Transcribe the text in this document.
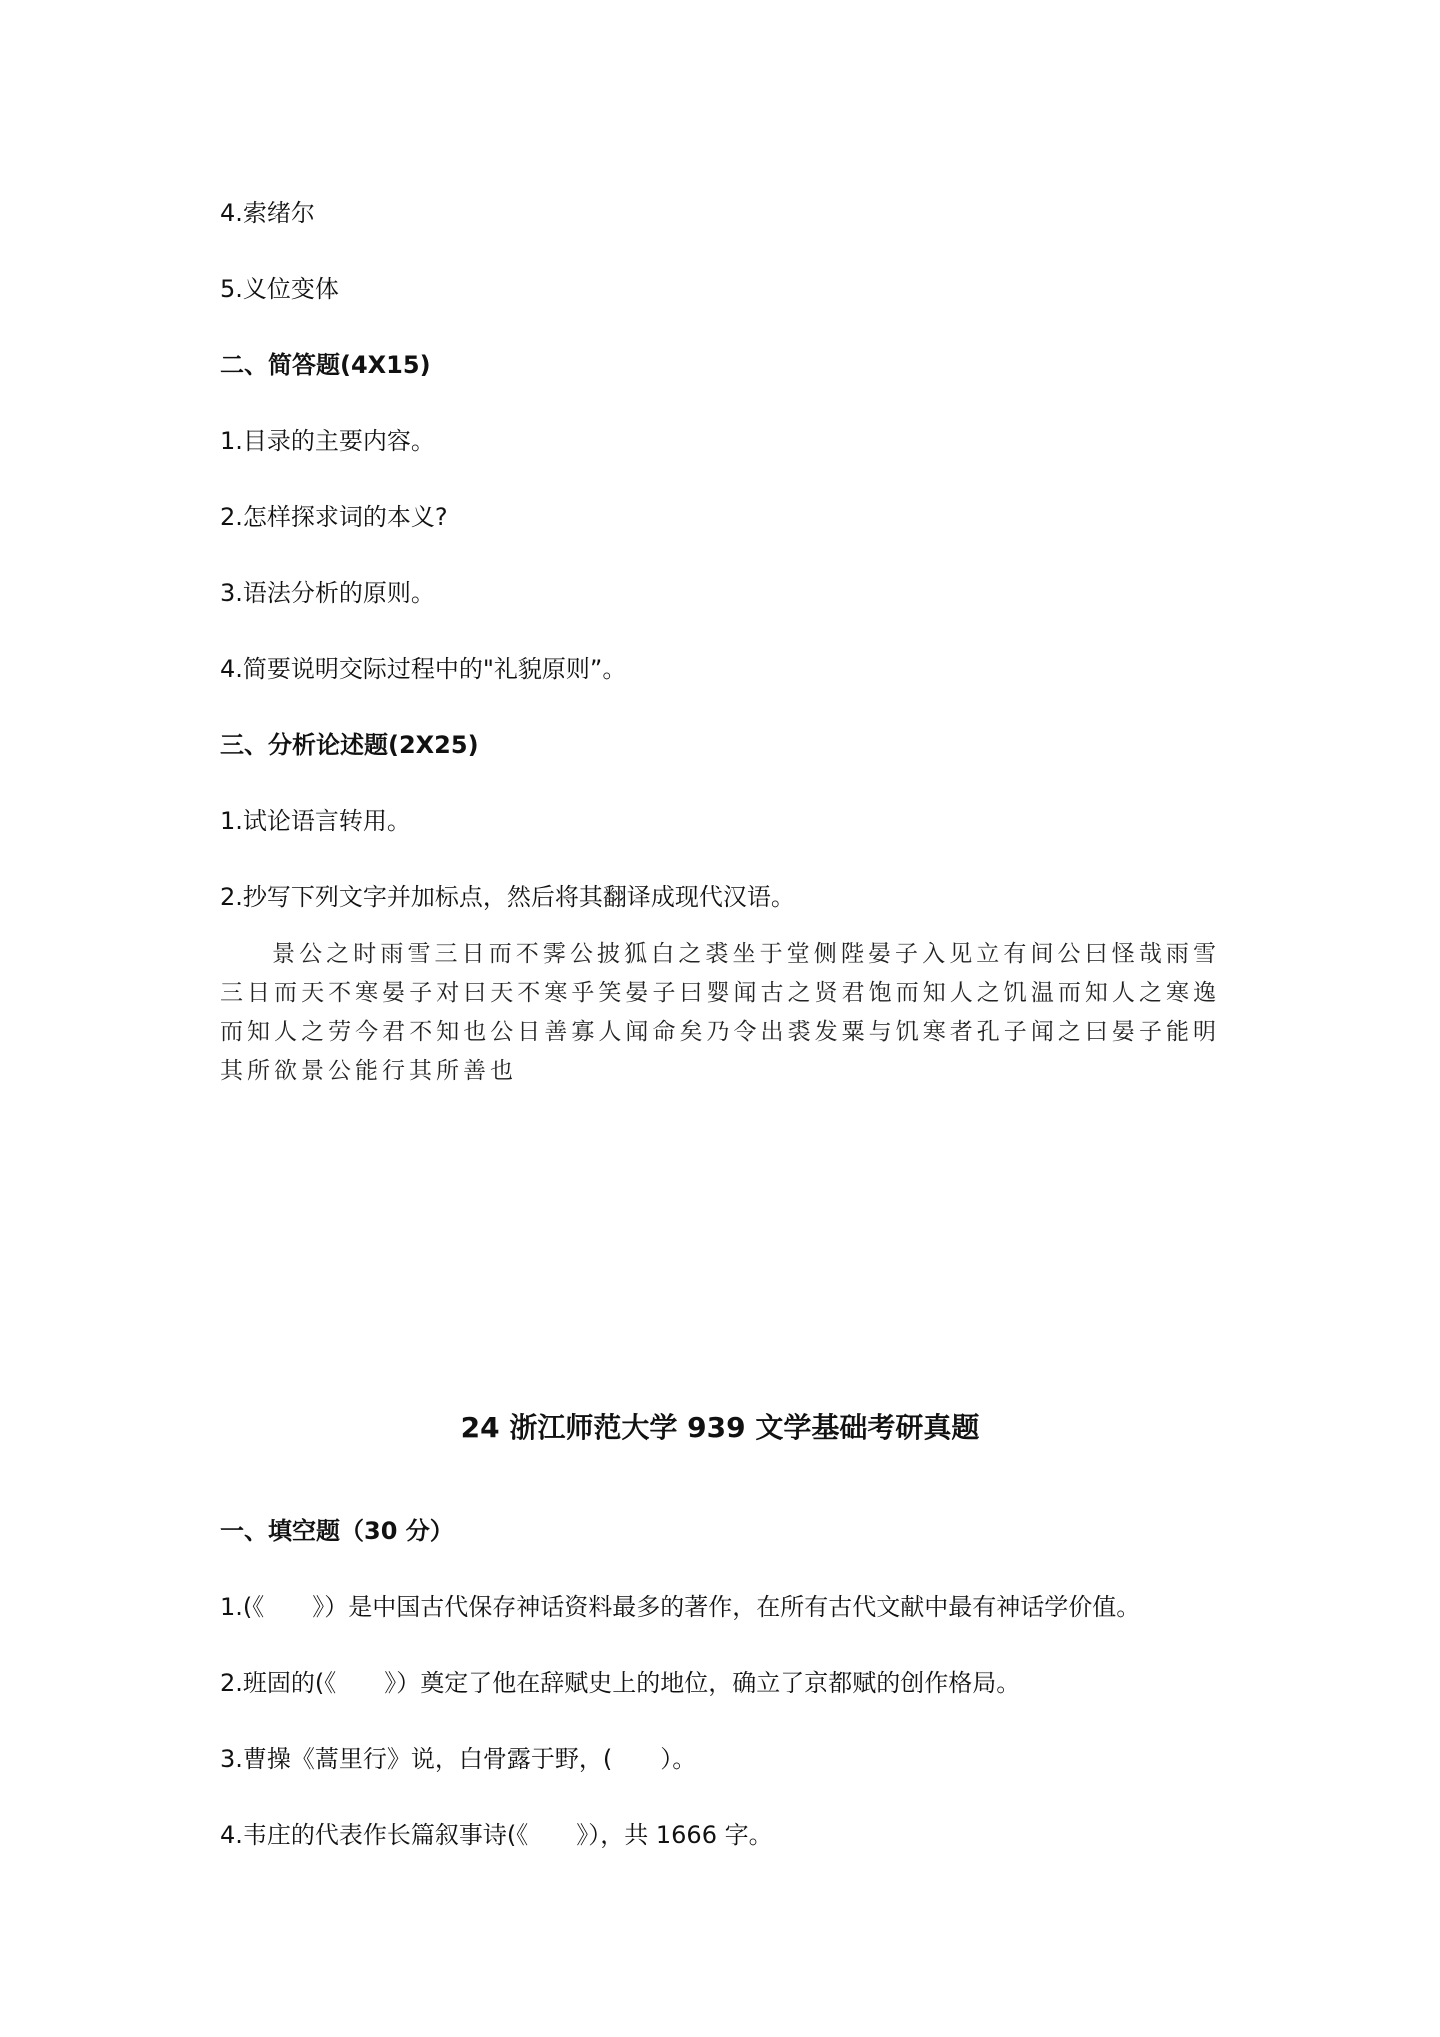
4.索绪尔
5.义位变体
二、简答题(4X15)
1.目录的主要内容。
2.怎样探求词的本义?
3.语法分析的原则。
4.简要说明交际过程中的"礼貌原则”。
三、分析论述题(2X25)
1.试论语言转用。
2.抄写下列文字并加标点，然后将其翻译成现代汉语。
景公之时雨雪三日而不霁公披狐白之裘坐于堂侧陛晏子入见立有间公曰怪哉雨雪三日而天不寒晏子对曰天不寒乎笑晏子曰婴闻古之贤君饱而知人之饥温而知人之寒逸而知人之劳今君不知也公日善寡人闻命矣乃令出裘发粟与饥寒者孔子闻之曰晏子能明其所欲景公能行其所善也
24 浙江师范大学 939 文学基础考研真题
一、填空题（30 分）
1.(《　　》）是中国古代保存神话资料最多的著作，在所有古代文献中最有神话学价值。
2.班固的(《　　》）奠定了他在辞赋史上的地位，确立了京都赋的创作格局。
3.曹操《蒿里行》说，白骨露于野，(　　）。
4.韦庄的代表作长篇叙事诗(《　　》），共 1666 字。
